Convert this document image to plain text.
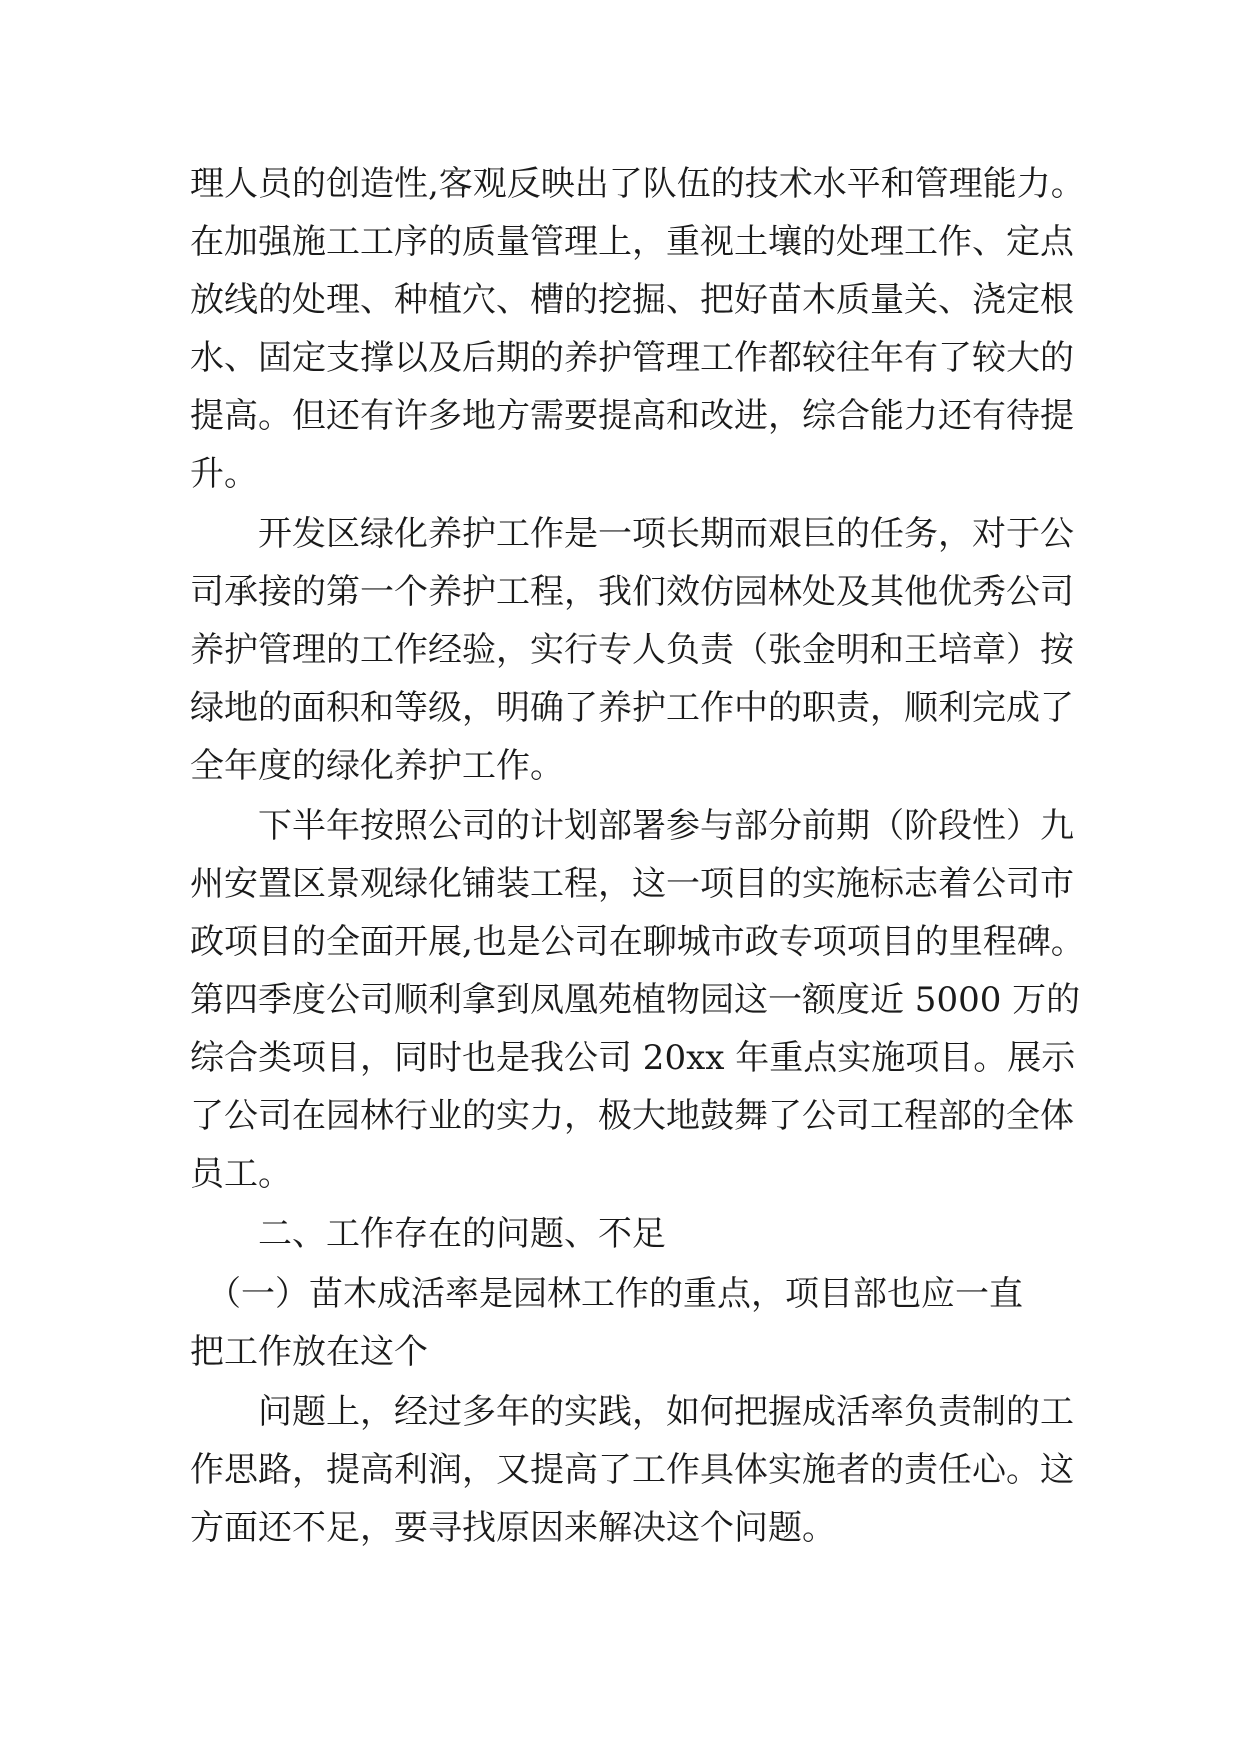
理人员的创造性,客观反映出了队伍的技术水平和管理能力。
在加强施工工序的质量管理上，重视土壤的处理工作、定点
放线的处理、种植穴、槽的挖掘、把好苗木质量关、浇定根
水、固定支撑以及后期的养护管理工作都较往年有了较大的
提高。但还有许多地方需要提高和改进，综合能力还有待提
升。
　　开发区绿化养护工作是一项长期而艰巨的任务，对于公
司承接的第一个养护工程，我们效仿园林处及其他优秀公司
养护管理的工作经验，实行专人负责（张金明和王培章）按
绿地的面积和等级，明确了养护工作中的职责，顺利完成了
全年度的绿化养护工作。
　　下半年按照公司的计划部署参与部分前期（阶段性）九
州安置区景观绿化铺装工程，这一项目的实施标志着公司市
政项目的全面开展,也是公司在聊城市政专项项目的里程碑。
第四季度公司顺利拿到凤凰苑植物园这一额度近 5000 万的
综合类项目，同时也是我公司 20xx 年重点实施项目。展示
了公司在园林行业的实力，极大地鼓舞了公司工程部的全体
员工。
　　二、工作存在的问题、不足
　（一）苗木成活率是园林工作的重点，项目部也应一直
把工作放在这个
　　问题上，经过多年的实践，如何把握成活率负责制的工
作思路，提高利润，又提高了工作具体实施者的责任心。这
方面还不足，要寻找原因来解决这个问题。
